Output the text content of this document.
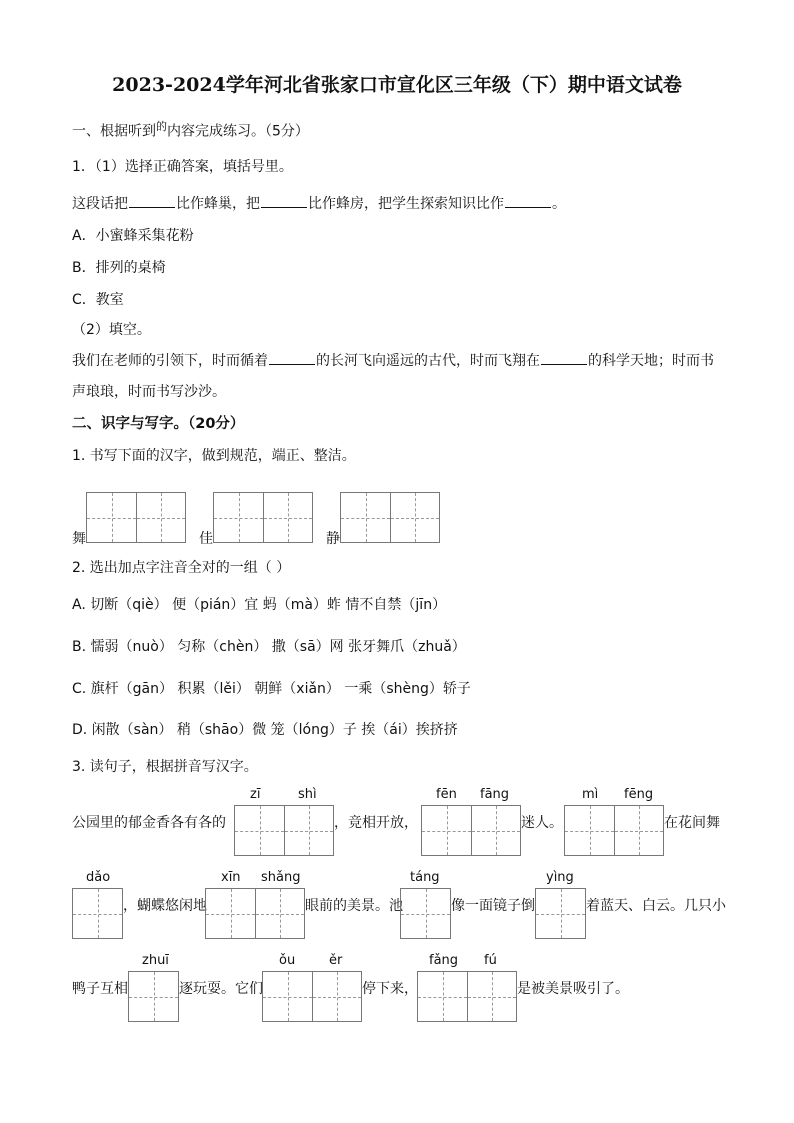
2023-2024学年河北省张家口市宣化区三年级（下）期中语文试卷
一、根据听到$^的$内容完成练习。（5分）
1．（1）选择正确答案，填括号里。
这段话把	比作蜂巢，把	比作蜂房，把学生探索知识比作	。
A．小蜜蜂采集花粉
B．排列的桌椅
C．教室
（2）填空。
我们在老师的引领下，时而循着	的长河飞向遥远的古代，时而飞翔在	的科学天地；时而书
声琅琅，时而书写沙沙。
二、识字与写字。（20分）
1. 书写下面的汉字，做到规范，端正、整洁。
舞	佳	静
2. 选出加点字注音全对的一组（ ）
A. 切断（qiè） 便（pián）宜 蚂（mà）蚱 情不自禁（jīn）
B. 懦弱（nuò） 匀称（chèn） 撒（sā）网 张牙舞爪（zhuǎ）
C. 旗杆（gān） 积累（lěi） 朝鲜（xiǎn） 一乘（shèng）轿子
D. 闲散（sàn） 稍（shāo）微 笼（lóng）子 挨（ái）挨挤挤
3. 读句子，根据拼音写汉字。
公园里的郁金香各有各的
zī	shì
，竞相开放，
fēn fāng
迷人。
mì fēng
在花间舞
dǎo
，蝴蝶悠闲地
xīn shǎng
眼前的美景。池
táng
像一面镜子倒
yìng
着蓝天、白云。几只小
鸭子互相
zhuī
逐玩耍。它们
ǒu	ěr
停下来，
fǎng fú
是被美景吸引了。
